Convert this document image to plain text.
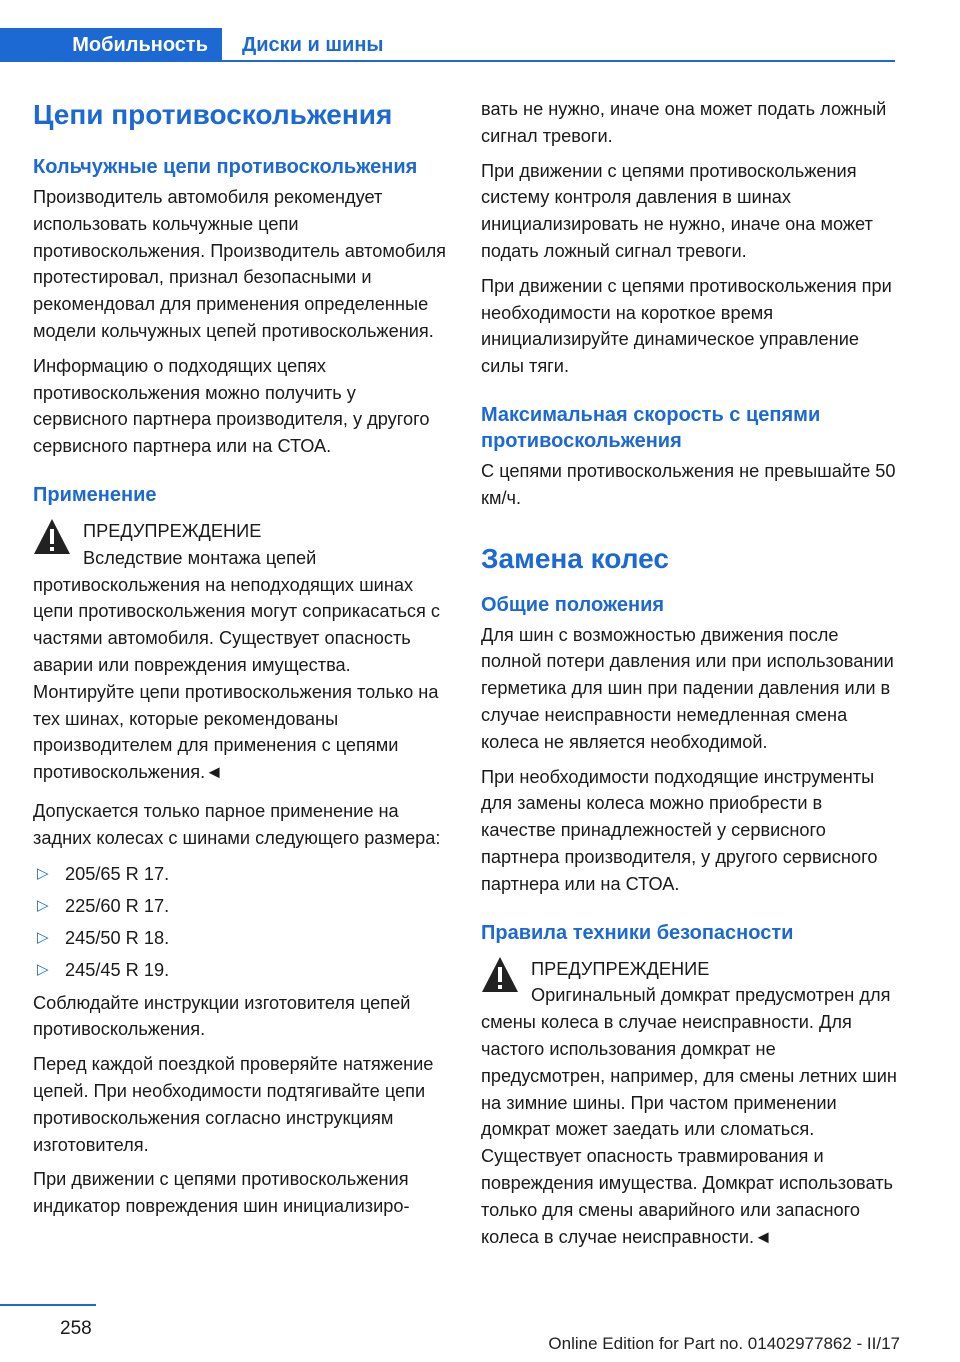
Мобильность	Диски и шины
Цепи противоскольжения
Кольчужные цепи противоскольжения

Производитель автомобиля рекомендует использовать кольчужные цепи противоскольжения. Производитель автомобиля протестировал, признал безопасными и рекомендовал для применения определенные модели кольчужных цепей противоскольжения.

Информацию о подходящих цепях противоскольжения можно получить у сервисного партнера производителя, у другого сервисного партнера или на СТОА.

Применение
ПРЕДУПРЕЖДЕНИЕ

Вследствие монтажа цепей противоскольжения на неподходящих шинах цепи противоскольжения могут соприкасаться с частями автомобиля. Существует опасность аварии или повреждения имущества. Монтируйте цепи противоскольжения только на тех шинах, которые рекомендованы производителем для применения с цепями противоскольжения.◄

Допускается только парное применение на задних колесах с шинами следующего размера:

▷ 205/65 R 17.
▷ 225/60 R 17.
▷ 245/50 R 18.
▷ 245/45 R 19.

Соблюдайте инструкции изготовителя цепей противоскольжения.

Перед каждой поездкой проверяйте натяжение цепей. При необходимости подтягивайте цепи противоскольжения согласно инструкциям изготовителя.

При движении с цепями противоскольжения индикатор повреждения шин инициализиро-

вать не нужно, иначе она может подать ложный сигнал тревоги.

При движении с цепями противоскольжения систему контроля давления в шинах инициализировать не нужно, иначе она может подать ложный сигнал тревоги.

При движении с цепями противоскольжения при необходимости на короткое время инициализируйте динамическое управление силы тяги.

Максимальная скорость с цепями противоскольжения

С цепями противоскольжения не превышайте 50 км/ч.

Замена колес
Общие положения

Для шин с возможностью движения после полной потери давления или при использовании герметика для шин при падении давления или в случае неисправности немедленная смена колеса не является необходимой.

При необходимости подходящие инструменты для замены колеса можно приобрести в качестве принадлежностей у сервисного партнера производителя, у другого сервисного партнера или на СТОА.

Правила техники безопасности
ПРЕДУПРЕЖДЕНИЕ

Оригинальный домкрат предусмотрен для смены колеса в случае неисправности. Для частого использования домкрат не предусмотрен, например, для смены летних шин на зимние шины. При частом применении домкрат может заедать или сломаться. Существует опасность травмирования и повреждения имущества. Домкрат использовать только для смены аварийного или запасного колеса в случае неисправности.◄

258
Online Edition for Part no. 01402977862 - II/17
